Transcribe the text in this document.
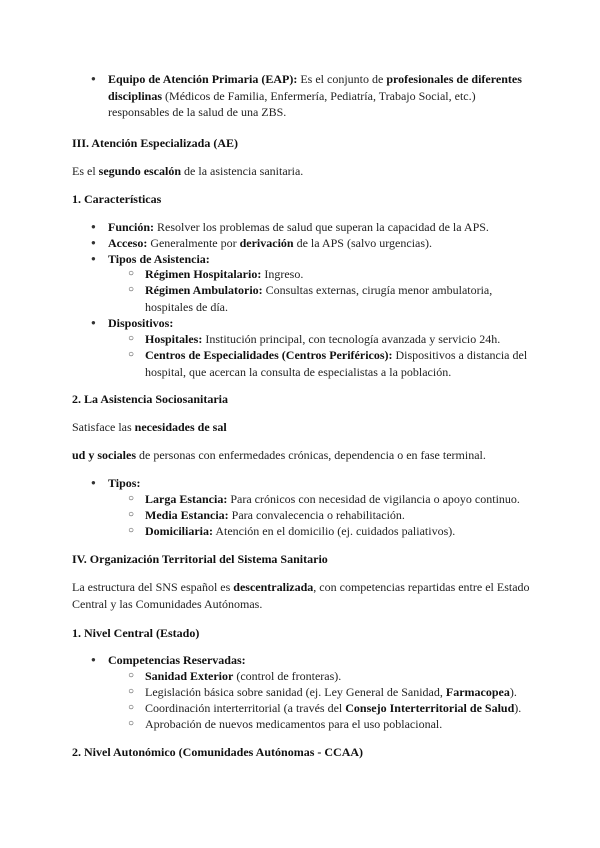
● Equipo de Atención Primaria (EAP): Es el conjunto de profesionales de diferentes disciplinas (Médicos de Familia, Enfermería, Pediatría, Trabajo Social, etc.) responsables de la salud de una ZBS.
III. Atención Especializada (AE)
Es el segundo escalón de la asistencia sanitaria.
1. Características
● Función: Resolver los problemas de salud que superan la capacidad de la APS.
● Acceso: Generalmente por derivación de la APS (salvo urgencias).
● Tipos de Asistencia:
○ Régimen Hospitalario: Ingreso.
○ Régimen Ambulatorio: Consultas externas, cirugía menor ambulatoria, hospitales de día.
● Dispositivos:
○ Hospitales: Institución principal, con tecnología avanzada y servicio 24h.
○ Centros de Especialidades (Centros Periféricos): Dispositivos a distancia del hospital, que acercan la consulta de especialistas a la población.
2. La Asistencia Sociosanitaria
Satisface las necesidades de sal
ud y sociales de personas con enfermedades crónicas, dependencia o en fase terminal.
● Tipos:
○ Larga Estancia: Para crónicos con necesidad de vigilancia o apoyo continuo.
○ Media Estancia: Para convalecencia o rehabilitación.
○ Domiciliaria: Atención en el domicilio (ej. cuidados paliativos).
IV. Organización Territorial del Sistema Sanitario
La estructura del SNS español es descentralizada, con competencias repartidas entre el Estado Central y las Comunidades Autónomas.
1. Nivel Central (Estado)
● Competencias Reservadas:
○ Sanidad Exterior (control de fronteras).
○ Legislación básica sobre sanidad (ej. Ley General de Sanidad, Farmacopea).
○ Coordinación interterritorial (a través del Consejo Interterritorial de Salud).
○ Aprobación de nuevos medicamentos para el uso poblacional.
2. Nivel Autonómico (Comunidades Autónomas - CCAA)
